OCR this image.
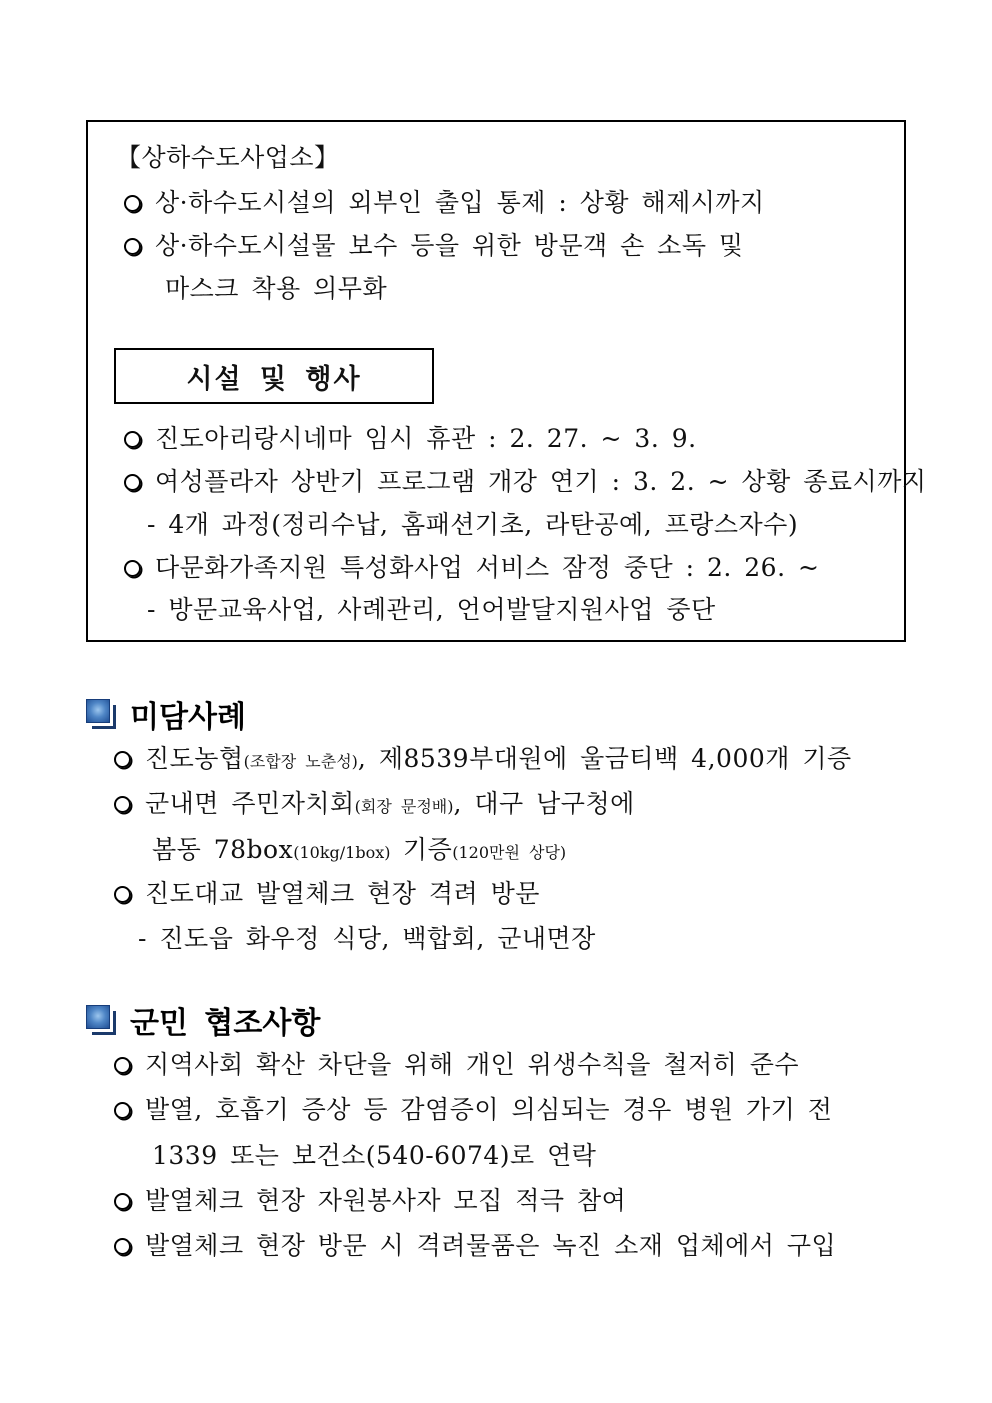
【상하수도사업소】
상·하수도시설의 외부인 출입 통제 : 상황 해제시까지
상·하수도시설물 보수 등을 위한 방문객 손 소독 및
마스크 착용 의무화
시설 및 행사
진도아리랑시네마 임시 휴관 : 2. 27. ~ 3. 9.
여성플라자 상반기 프로그램 개강 연기 : 3. 2. ~ 상황 종료시까지
- 4개 과정(정리수납, 홈패션기초, 라탄공예, 프랑스자수)
다문화가족지원 특성화사업 서비스 잠정 중단 : 2. 26. ~
- 방문교육사업, 사례관리, 언어발달지원사업 중단
미담사례
진도농협(조합장 노춘성), 제8539부대원에 울금티백 4,000개 기증
군내면 주민자치회(회장 문정배), 대구 남구청에
봄동 78box(10kg/1box) 기증(120만원 상당)
진도대교 발열체크 현장 격려 방문
- 진도읍 화우정 식당, 백합회, 군내면장
군민 협조사항
지역사회 확산 차단을 위해 개인 위생수칙을 철저히 준수
발열, 호흡기 증상 등 감염증이 의심되는 경우 병원 가기 전
1339 또는 보건소(540-6074)로 연락
발열체크 현장 자원봉사자 모집 적극 참여
발열체크 현장 방문 시 격려물품은 녹진 소재 업체에서 구입
